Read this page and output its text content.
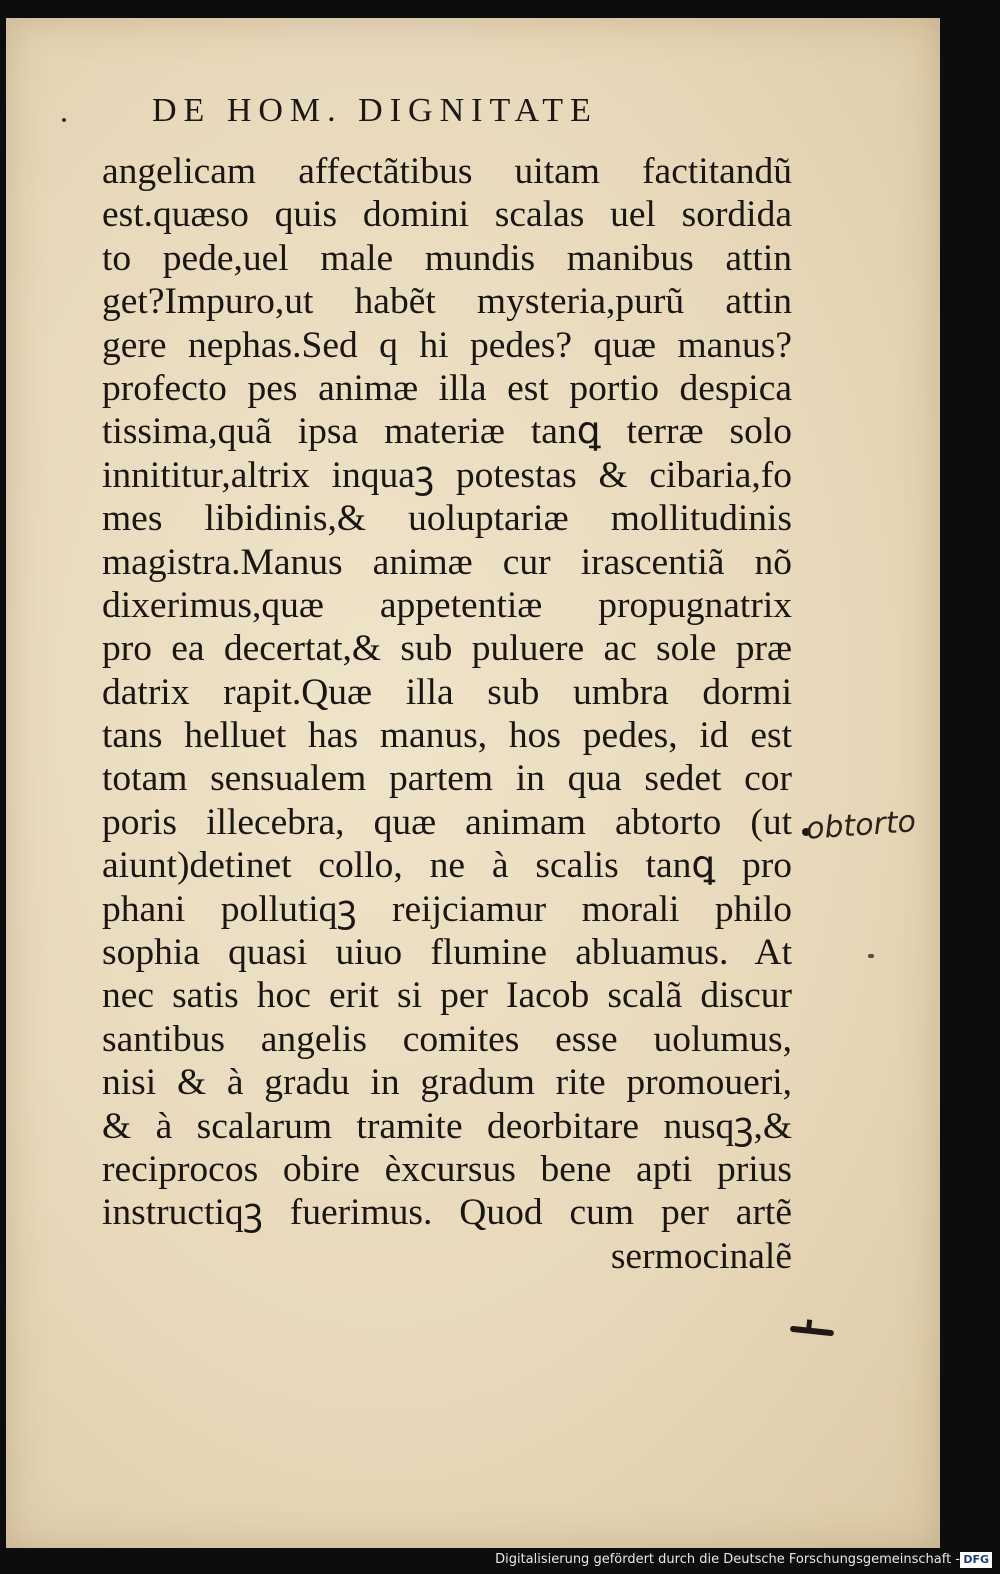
DE HOM. DIGNITATE
angelicam affectãtibus uitam factitandũ
est.quæso quis domini scalas uel sordida
to pede,uel male mundis manibus attin
get?Impuro,ut habẽt mysteria,purũ attin
gere nephas.Sed q hi pedes? quæ manus?
profecto pes animæ illa est portio despica
tissima,quã ipsa materiæ tanꝗ terræ solo
innititur,altrix inquaꝫ potestas & cibaria,fo
mes libidinis,& uoluptariæ mollitudinis
magistra.Manus animæ cur irascentiã nõ
dixerimus,quæ appetentiæ propugnatrix
pro ea decertat,& sub puluere ac sole præ
datrix rapit.Quæ illa sub umbra dormi
tans helluet has manus, hos pedes, id est
totam sensualem partem in qua sedet cor
poris illecebra, quæ animam abtorto (ut
aiunt)detinet collo, ne à scalis tanꝗ pro
phani pollutiqꝫ reijciamur morali philo
sophia quasi uiuo flumine abluamus. At
nec satis hoc erit si per Iacob scalã discur
santibus angelis comites esse uolumus,
nisi & à gradu in gradum rite promoueri,
& à scalarum tramite deorbitare nusqꝫ,&
reciprocos obire èxcursus bene apti prius
instructiqꝫ fuerimus. Quod cum per artẽ
sermocinalẽ
obtorto
Digitalisierung gefördert durch die Deutsche Forschungsgemeinschaft - DFG
